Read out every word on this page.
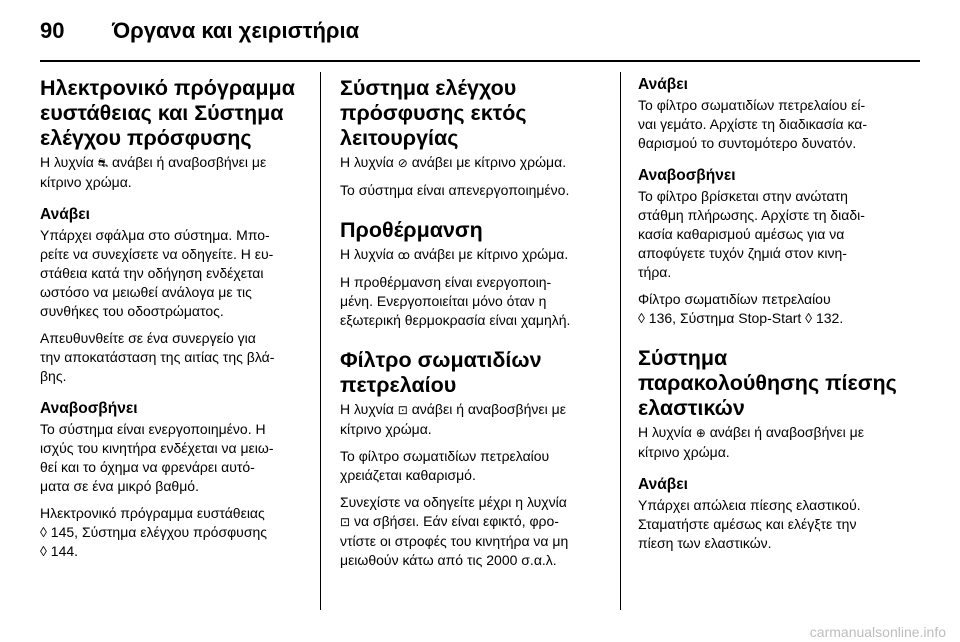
90 Όργανα και χειριστήρια
Ηλεκτρονικό πρόγραμμα
ευστάθειας και Σύστημα
ελέγχου πρόσφυσης

Η λυχνία ⛐ ανάβει ή αναβοσβήνει με
κίτρινο χρώμα.

Ανάβει

Υπάρχει σφάλμα στο σύστημα. Μπο-
ρείτε να συνεχίσετε να οδηγείτε. Η ευ-
στάθεια κατά την οδήγηση ενδέχεται
ωστόσο να μειωθεί ανάλογα με τις
συνθήκες του οδοστρώματος.

Απευθυνθείτε σε ένα συνεργείο για
την αποκατάσταση της αιτίας της βλά-
βης.

Αναβοσβήνει

Το σύστημα είναι ενεργοποιημένο. Η
ισχύς του κινητήρα ενδέχεται να μειω-
θεί και το όχημα να φρενάρει αυτό-
ματα σε ένα μικρό βαθμό.

Ηλεκτρονικό πρόγραμμα ευστάθειας
◊ 145, Σύστημα ελέγχου πρόσφυσης
◊ 144.

Σύστημα ελέγχου
πρόσφυσης εκτός
λειτουργίας

Η λυχνία ⊘ ανάβει με κίτρινο χρώμα.

Το σύστημα είναι απενεργοποιημένο.

Προθέρμανση

Η λυχνία ꝏ ανάβει με κίτρινο χρώμα.

Η προθέρμανση είναι ενεργοποιη-
μένη. Ενεργοποιείται μόνο όταν η
εξωτερική θερμοκρασία είναι χαμηλή.

Φίλτρο σωματιδίων
πετρελαίου

Η λυχνία ⊡ ανάβει ή αναβοσβήνει με
κίτρινο χρώμα.

Το φίλτρο σωματιδίων πετρελαίου
χρειάζεται καθαρισμό.

Συνεχίστε να οδηγείτε μέχρι η λυχνία
⊡ να σβήσει. Εάν είναι εφικτό, φρο-
ντίστε οι στροφές του κινητήρα να μη
μειωθούν κάτω από τις 2000 σ.α.λ.

Ανάβει

Το φίλτρο σωματιδίων πετρελαίου εί-
ναι γεμάτο. Αρχίστε τη διαδικασία κα-
θαρισμού το συντομότερο δυνατόν.

Αναβοσβήνει

Το φίλτρο βρίσκεται στην ανώτατη
στάθμη πλήρωσης. Αρχίστε τη διαδι-
κασία καθαρισμού αμέσως για να
αποφύγετε τυχόν ζημιά στον κινη-
τήρα.

Φίλτρο σωματιδίων πετρελαίου
◊ 136, Σύστημα Stop-Start ◊ 132.

Σύστημα
παρακολούθησης πίεσης
ελαστικών

Η λυχνία ⊕ ανάβει ή αναβοσβήνει με
κίτρινο χρώμα.

Ανάβει

Υπάρχει απώλεια πίεσης ελαστικού.
Σταματήστε αμέσως και ελέγξτε την
πίεση των ελαστικών.

carmanualsonline.info
